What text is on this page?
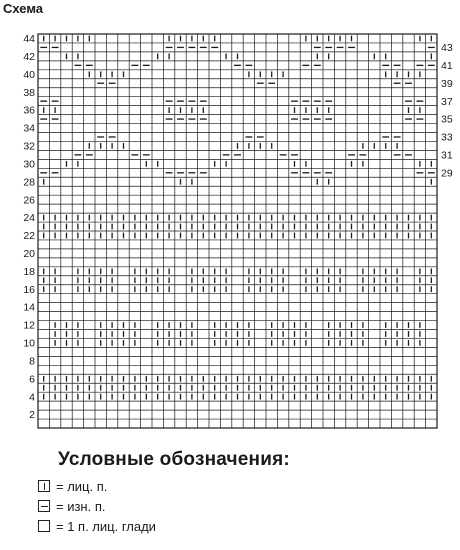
Схема
2
4
6
8
10
12
14
16
18
20
22
24
26
28
30
32
34
36
38
40
42
44
29
31
33
35
37
39
41
43
Условные обозначения:
= лиц. п.
= изн. п.
= 1 п. лиц. глади
